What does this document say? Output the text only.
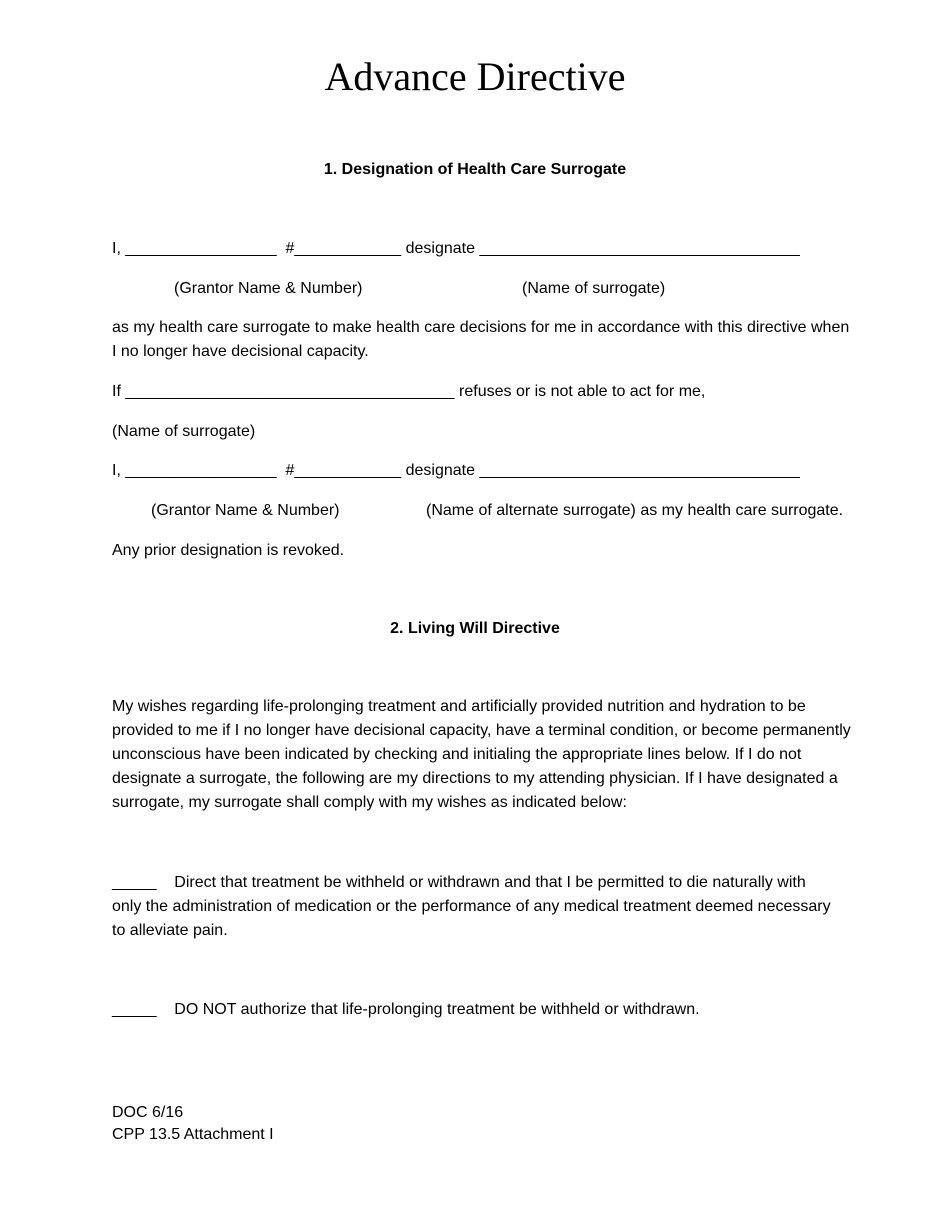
Advance Directive
1. Designation of Health Care Surrogate
I, _________________  #____________ designate ____________________________________
(Grantor Name & Number)	(Name of surrogate)
as my health care surrogate to make health care decisions for me in accordance with this directive when I no longer have decisional capacity.
If _____________________________________ refuses or is not able to act for me,
(Name of surrogate)
I, _________________  #____________ designate ____________________________________
(Grantor Name & Number)	(Name of alternate surrogate) as my health care surrogate.
Any prior designation is revoked.
2. Living Will Directive
My wishes regarding life-prolonging treatment and artificially provided nutrition and hydration to be provided to me if I no longer have decisional capacity, have a terminal condition, or become permanently unconscious have been indicated by checking and initialing the appropriate lines below. If I do not designate a surrogate, the following are my directions to my attending physician. If I have designated a surrogate, my surrogate shall comply with my wishes as indicated below:
_____    Direct that treatment be withheld or withdrawn and that I be permitted to die naturally with only the administration of medication or the performance of any medical treatment deemed necessary to alleviate pain.
_____    DO NOT authorize that life-prolonging treatment be withheld or withdrawn.
DOC 6/16
CPP 13.5 Attachment I
